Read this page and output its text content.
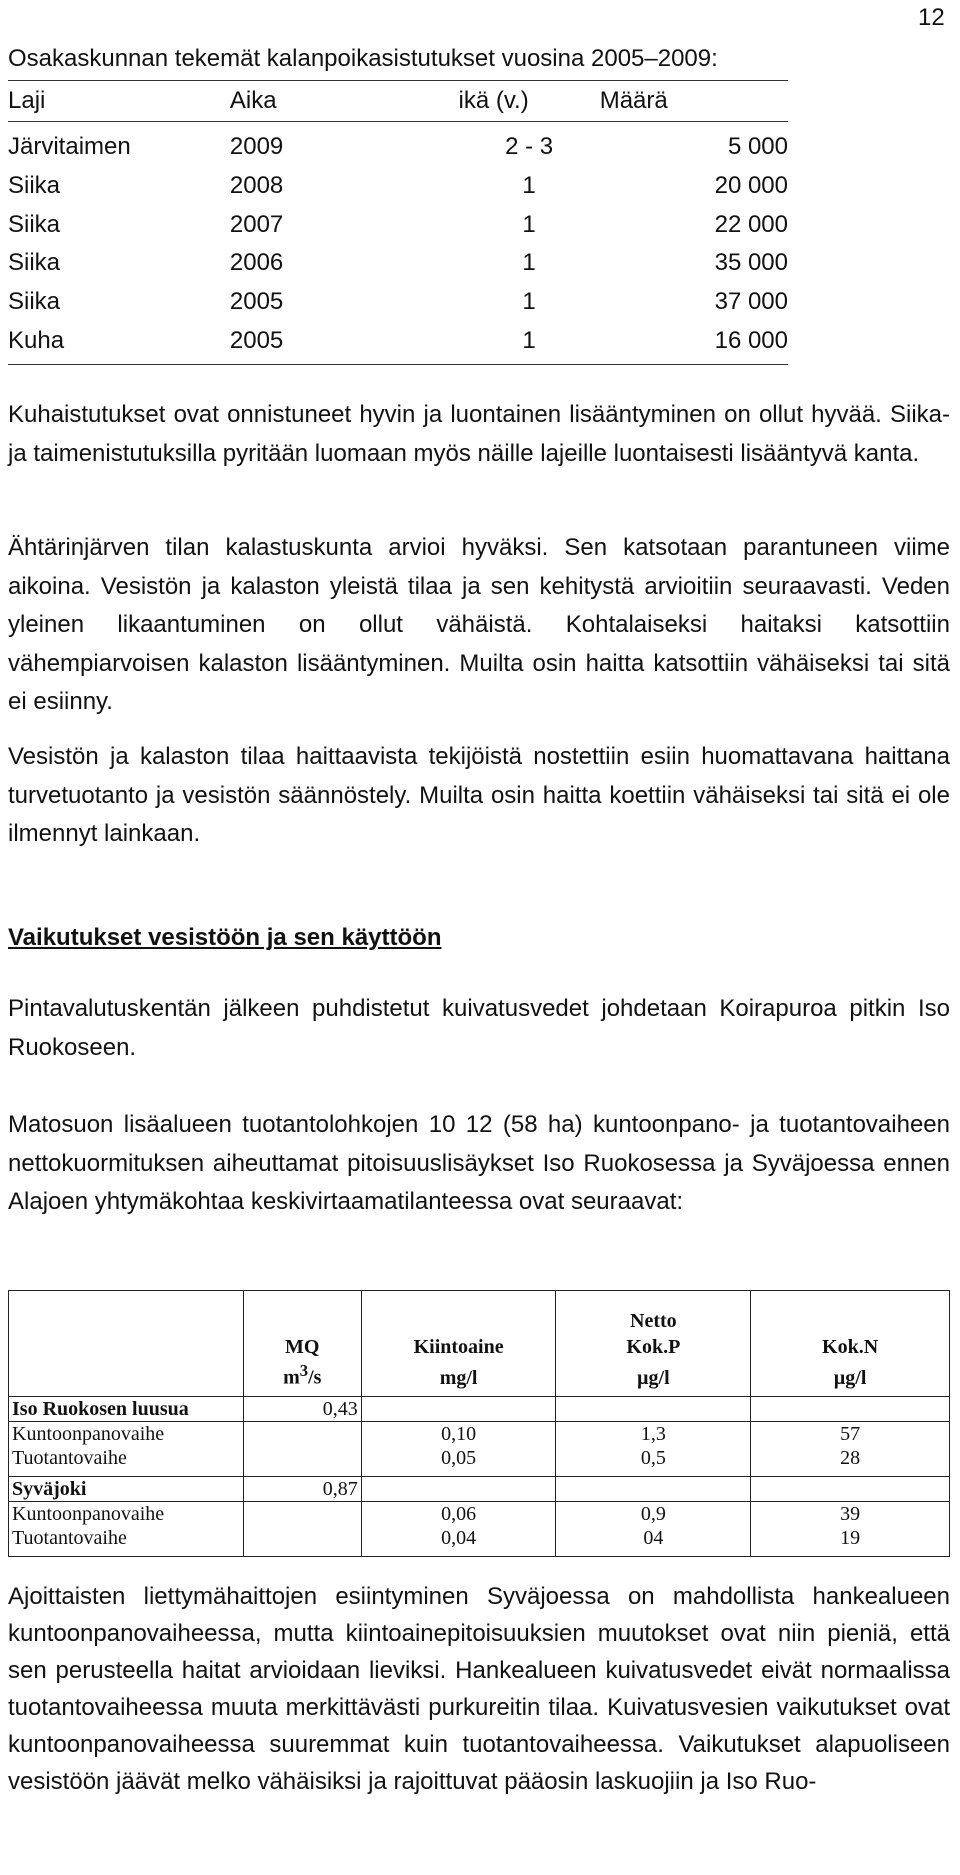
12
Osakaskunnan tekemät kalanpoikasistutukset vuosina 2005–2009:
Laji	Aika	ikä (v.)	Määrä
Järvitaimen	2009	2 - 3	5 000
Siika	2008	1	20 000
Siika	2007	1	22 000
Siika	2006	1	35 000
Siika	2005	1	37 000
Kuha	2005	1	16 000

Kuhaistutukset ovat onnistuneet hyvin ja luontainen lisääntyminen on ollut hyvää. Siika- ja taimenistutuksilla pyritään luomaan myös näille lajeille luontaisesti lisääntyvä kanta.

Ähtärinjärven tilan kalastuskunta arvioi hyväksi. Sen katsotaan parantuneen viime aikoina. Vesistön ja kalaston yleistä tilaa ja sen kehitystä arvioitiin seuraavasti. Veden yleinen likaantuminen on ollut vähäistä. Kohtalaiseksi haitaksi katsottiin vähempiarvoisen kalaston lisääntyminen. Muilta osin haitta katsottiin vähäiseksi tai sitä ei esiinny.

Vesistön ja kalaston tilaa haittaavista tekijöistä nostettiin esiin huomattavana haittana turvetuotanto ja vesistön säännöstely. Muilta osin haitta koettiin vähäiseksi tai sitä ei ole ilmennyt lainkaan.

Vaikutukset vesistöön ja sen käyttöön

Pintavalutuskentän jälkeen puhdistetut kuivatusvedet johdetaan Koirapuroa pitkin Iso Ruokoseen.

Matosuon lisäalueen tuotantolohkojen 10 12 (58 ha) kuntoonpano- ja tuotantovaiheen nettokuormituksen aiheuttamat pitoisuuslisäykset Iso Ruokosessa ja Syväjoessa ennen Alajoen yhtymäkohtaa keskivirtaamatilanteessa ovat seuraavat:

			Netto	
	MQ	Kiintoaine	Kok.P	Kok.N
	$m^3/s$	mg/l	µg/l	µg/l
Iso Ruokosen luusua	0,43			
Kuntoonpanovaihe		0,10	1,3	57
Tuotantovaihe		0,05	0,5	28
Syväjoki	0,87			
Kuntoonpanovaihe		0,06	0,9	39
Tuotantovaihe		0,04	04	19

Ajoittaisten liettymähaittojen esiintyminen Syväjoessa on mahdollista hankealueen kuntoonpanovaiheessa, mutta kiintoainepitoisuuksien muutokset ovat niin pieniä, että sen perusteella haitat arvioidaan lieviksi. Hankealueen kuivatusvedet eivät normaalissa tuotantovaiheessa muuta merkittävästi purkureitin tilaa. Kuivatusvesien vaikutukset ovat kuntoonpanovaiheessa suuremmat kuin tuotantovaiheessa. Vaikutukset alapuoliseen vesistöön jäävät melko vähäisiksi ja rajoittuvat pääosin laskuojiin ja Iso Ruo-
